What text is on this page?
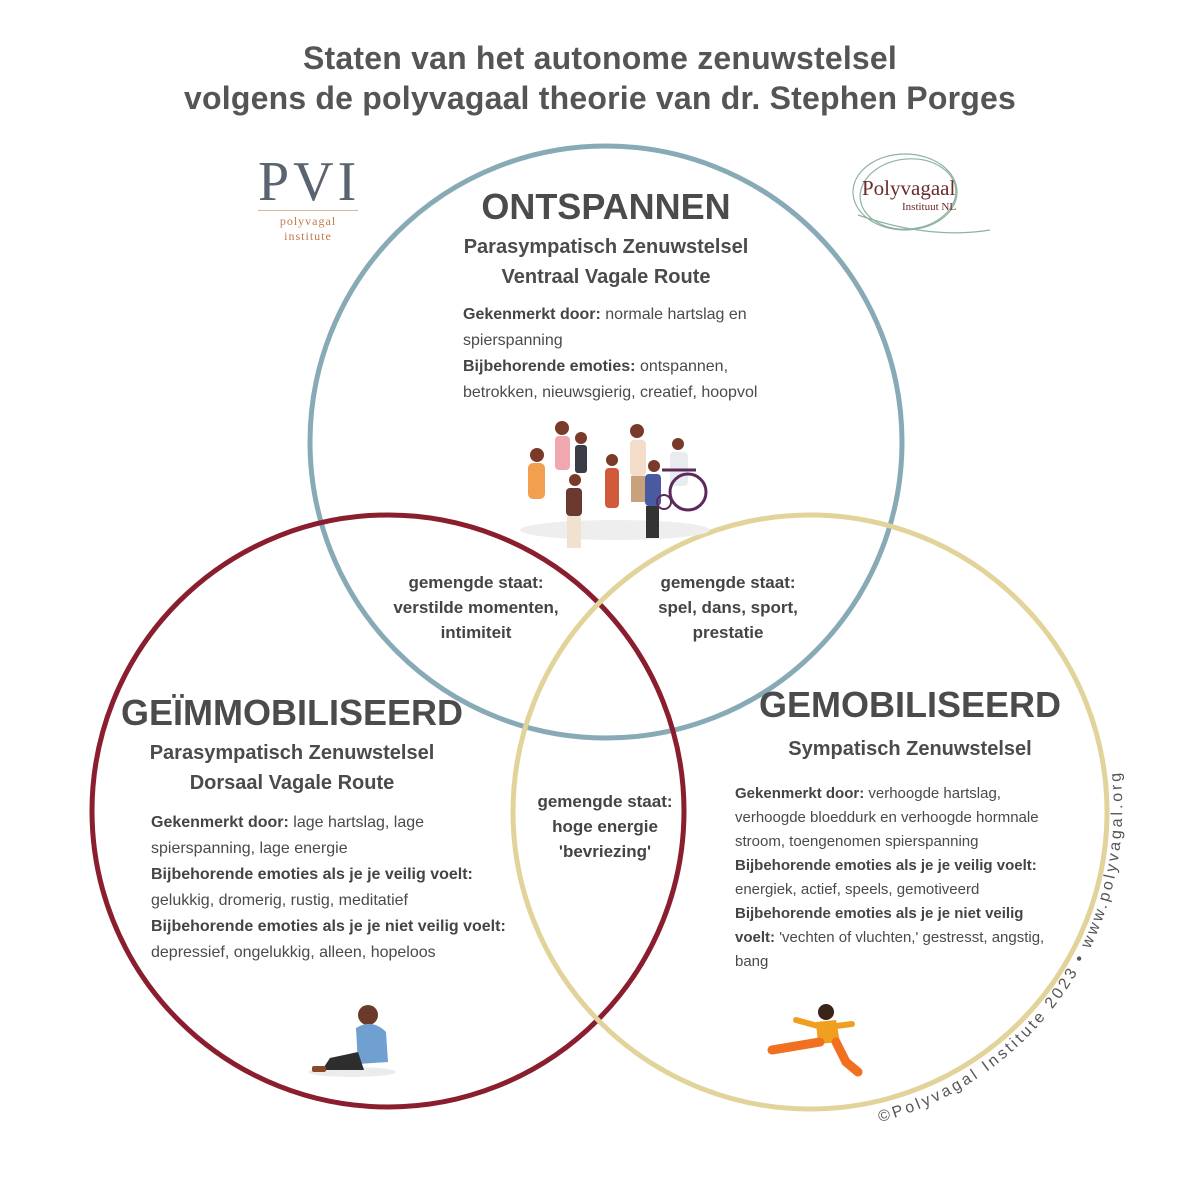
Staten van het autonome zenuwstelsel
volgens de polyvagaal theorie van dr. Stephen Porges
©Polyvagal Institute 2023 • www.polyvagal.org
PVI
polyvagal institute
Polyvagaal
Instituut NL
ONTSPANNEN
Parasympatisch Zenuwstelsel
Ventraal Vagale Route
Gekenmerkt door: normale hartslag en spierspanning
Bijbehorende emoties: ontspannen, betrokken, nieuwsgierig, creatief, hoopvol
gemengde staat:
verstilde momenten,
intimiteit
gemengde staat:
spel, dans, sport,
prestatie
gemengde staat:
hoge energie
'bevriezing'
GEÏMMOBILISEERD
Parasympatisch Zenuwstelsel
Dorsaal Vagale Route
Gekenmerkt door: lage hartslag, lage spierspanning, lage energie
Bijbehorende emoties als je je veilig voelt: gelukkig, dromerig, rustig, meditatief
Bijbehorende emoties als je je niet veilig voelt: depressief, ongelukkig, alleen, hopeloos
GEMOBILISEERD
Sympatisch Zenuwstelsel
Gekenmerkt door: verhoogde hartslag, verhoogde bloeddurk en verhoogde hormnale stroom, toengenomen spierspanning
Bijbehorende emoties als je je veilig voelt: energiek, actief, speels, gemotiveerd
Bijbehorende emoties als je je niet veilig voelt: 'vechten of vluchten,' gestresst, angstig, bang
